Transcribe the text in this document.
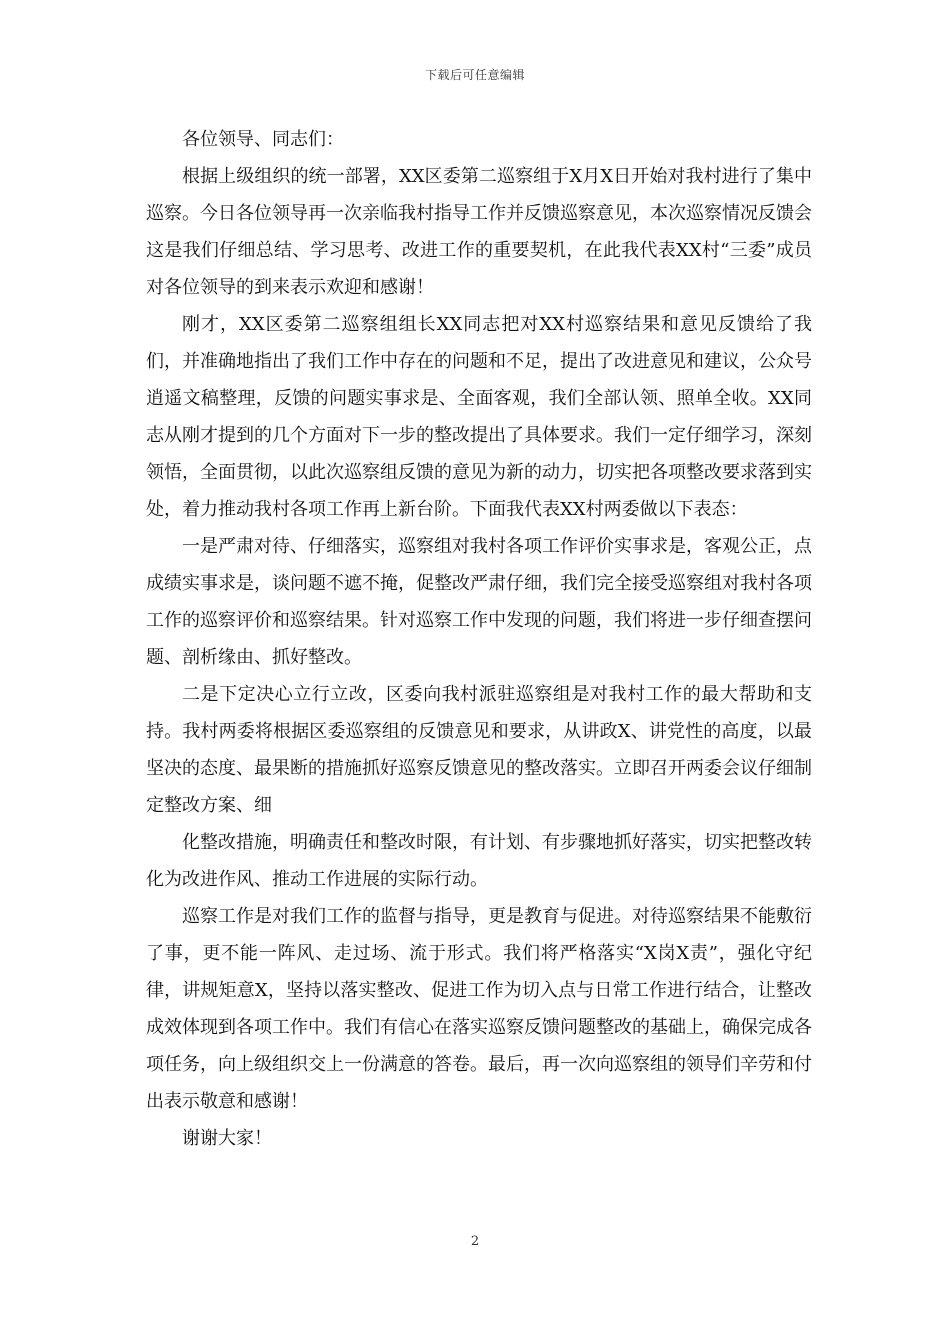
下载后可任意编辑

各位领导、同志们：

根据上级组织的统一部署，XX区委第二巡察组于X月X日开始对我村进行了集中巡察。今日各位领导再一次亲临我村指导工作并反馈巡察意见，本次巡察情况反馈会这是我们仔细总结、学习思考、改进工作的重要契机，在此我代表XX村“三委”成员对各位领导的到来表示欢迎和感谢！

刚才，XX区委第二巡察组组长XX同志把对XX村巡察结果和意见反馈给了我们，并准确地指出了我们工作中存在的问题和不足，提出了改进意见和建议，公众号逍遥文稿整理，反馈的问题实事求是、全面客观，我们全部认领、照单全收。XX同志从刚才提到的几个方面对下一步的整改提出了具体要求。我们一定仔细学习，深刻领悟，全面贯彻，以此次巡察组反馈的意见为新的动力，切实把各项整改要求落到实处，着力推动我村各项工作再上新台阶。下面我代表XX村两委做以下表态：

一是严肃对待、仔细落实，巡察组对我村各项工作评价实事求是，客观公正，点成绩实事求是，谈问题不遮不掩，促整改严肃仔细，我们完全接受巡察组对我村各项工作的巡察评价和巡察结果。针对巡察工作中发现的问题，我们将进一步仔细查摆问题、剖析缘由、抓好整改。

二是下定决心立行立改，区委向我村派驻巡察组是对我村工作的最大帮助和支持。我村两委将根据区委巡察组的反馈意见和要求，从讲政X、讲党性的高度，以最坚决的态度、最果断的措施抓好巡察反馈意见的整改落实。立即召开两委会议仔细制定整改方案、细

化整改措施，明确责任和整改时限，有计划、有步骤地抓好落实，切实把整改转化为改进作风、推动工作进展的实际行动。

巡察工作是对我们工作的监督与指导，更是教育与促进。对待巡察结果不能敷衍了事，更不能一阵风、走过场、流于形式。我们将严格落实“X岗X责”，强化守纪律，讲规矩意X，坚持以落实整改、促进工作为切入点与日常工作进行结合，让整改成效体现到各项工作中。我们有信心在落实巡察反馈问题整改的基础上，确保完成各项任务，向上级组织交上一份满意的答卷。最后，再一次向巡察组的领导们辛劳和付出表示敬意和感谢！

谢谢大家！

2
